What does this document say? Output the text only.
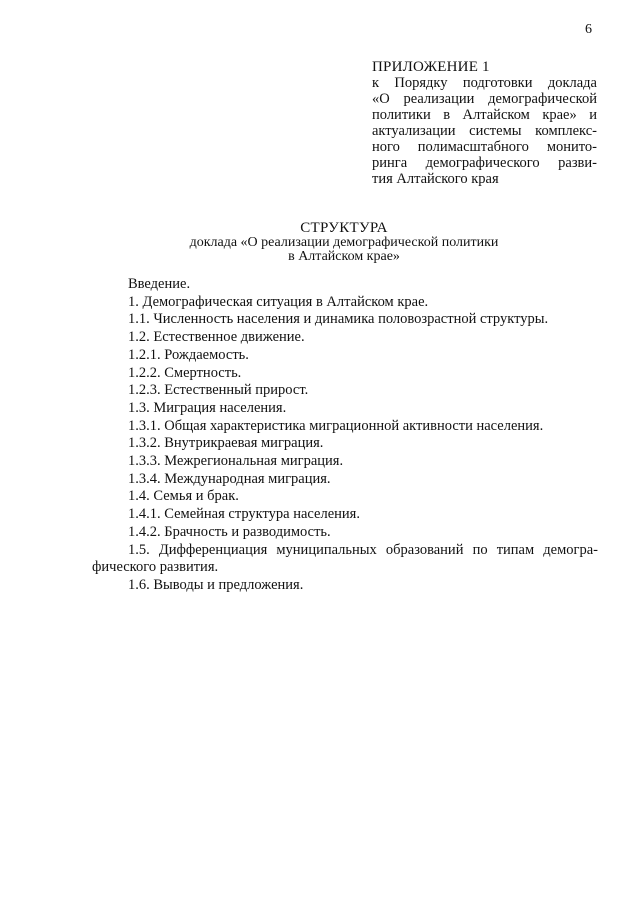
6
ПРИЛОЖЕНИЕ 1
к Порядку подготовки доклада
«О реализации демографической
политики в Алтайском крае» и
актуализации системы комплекс-
ного полимасштабного монито-
ринга демографического разви-
тия Алтайского края
СТРУКТУРА
доклада «О реализации демографической политики
в Алтайском крае»
Введение.
1. Демографическая ситуация в Алтайском крае.
1.1. Численность населения и динамика половозрастной структуры.
1.2. Естественное движение.
1.2.1. Рождаемость.
1.2.2. Смертность.
1.2.3. Естественный прирост.
1.3. Миграция населения.
1.3.1. Общая характеристика миграционной активности населения.
1.3.2. Внутрикраевая миграция.
1.3.3. Межрегиональная миграция.
1.3.4. Международная миграция.
1.4. Семья и брак.
1.4.1. Семейная структура населения.
1.4.2. Брачность и разводимость.
1.5. Дифференциация муниципальных образований по типам демогра-
фического развития.
1.6. Выводы и предложения.
